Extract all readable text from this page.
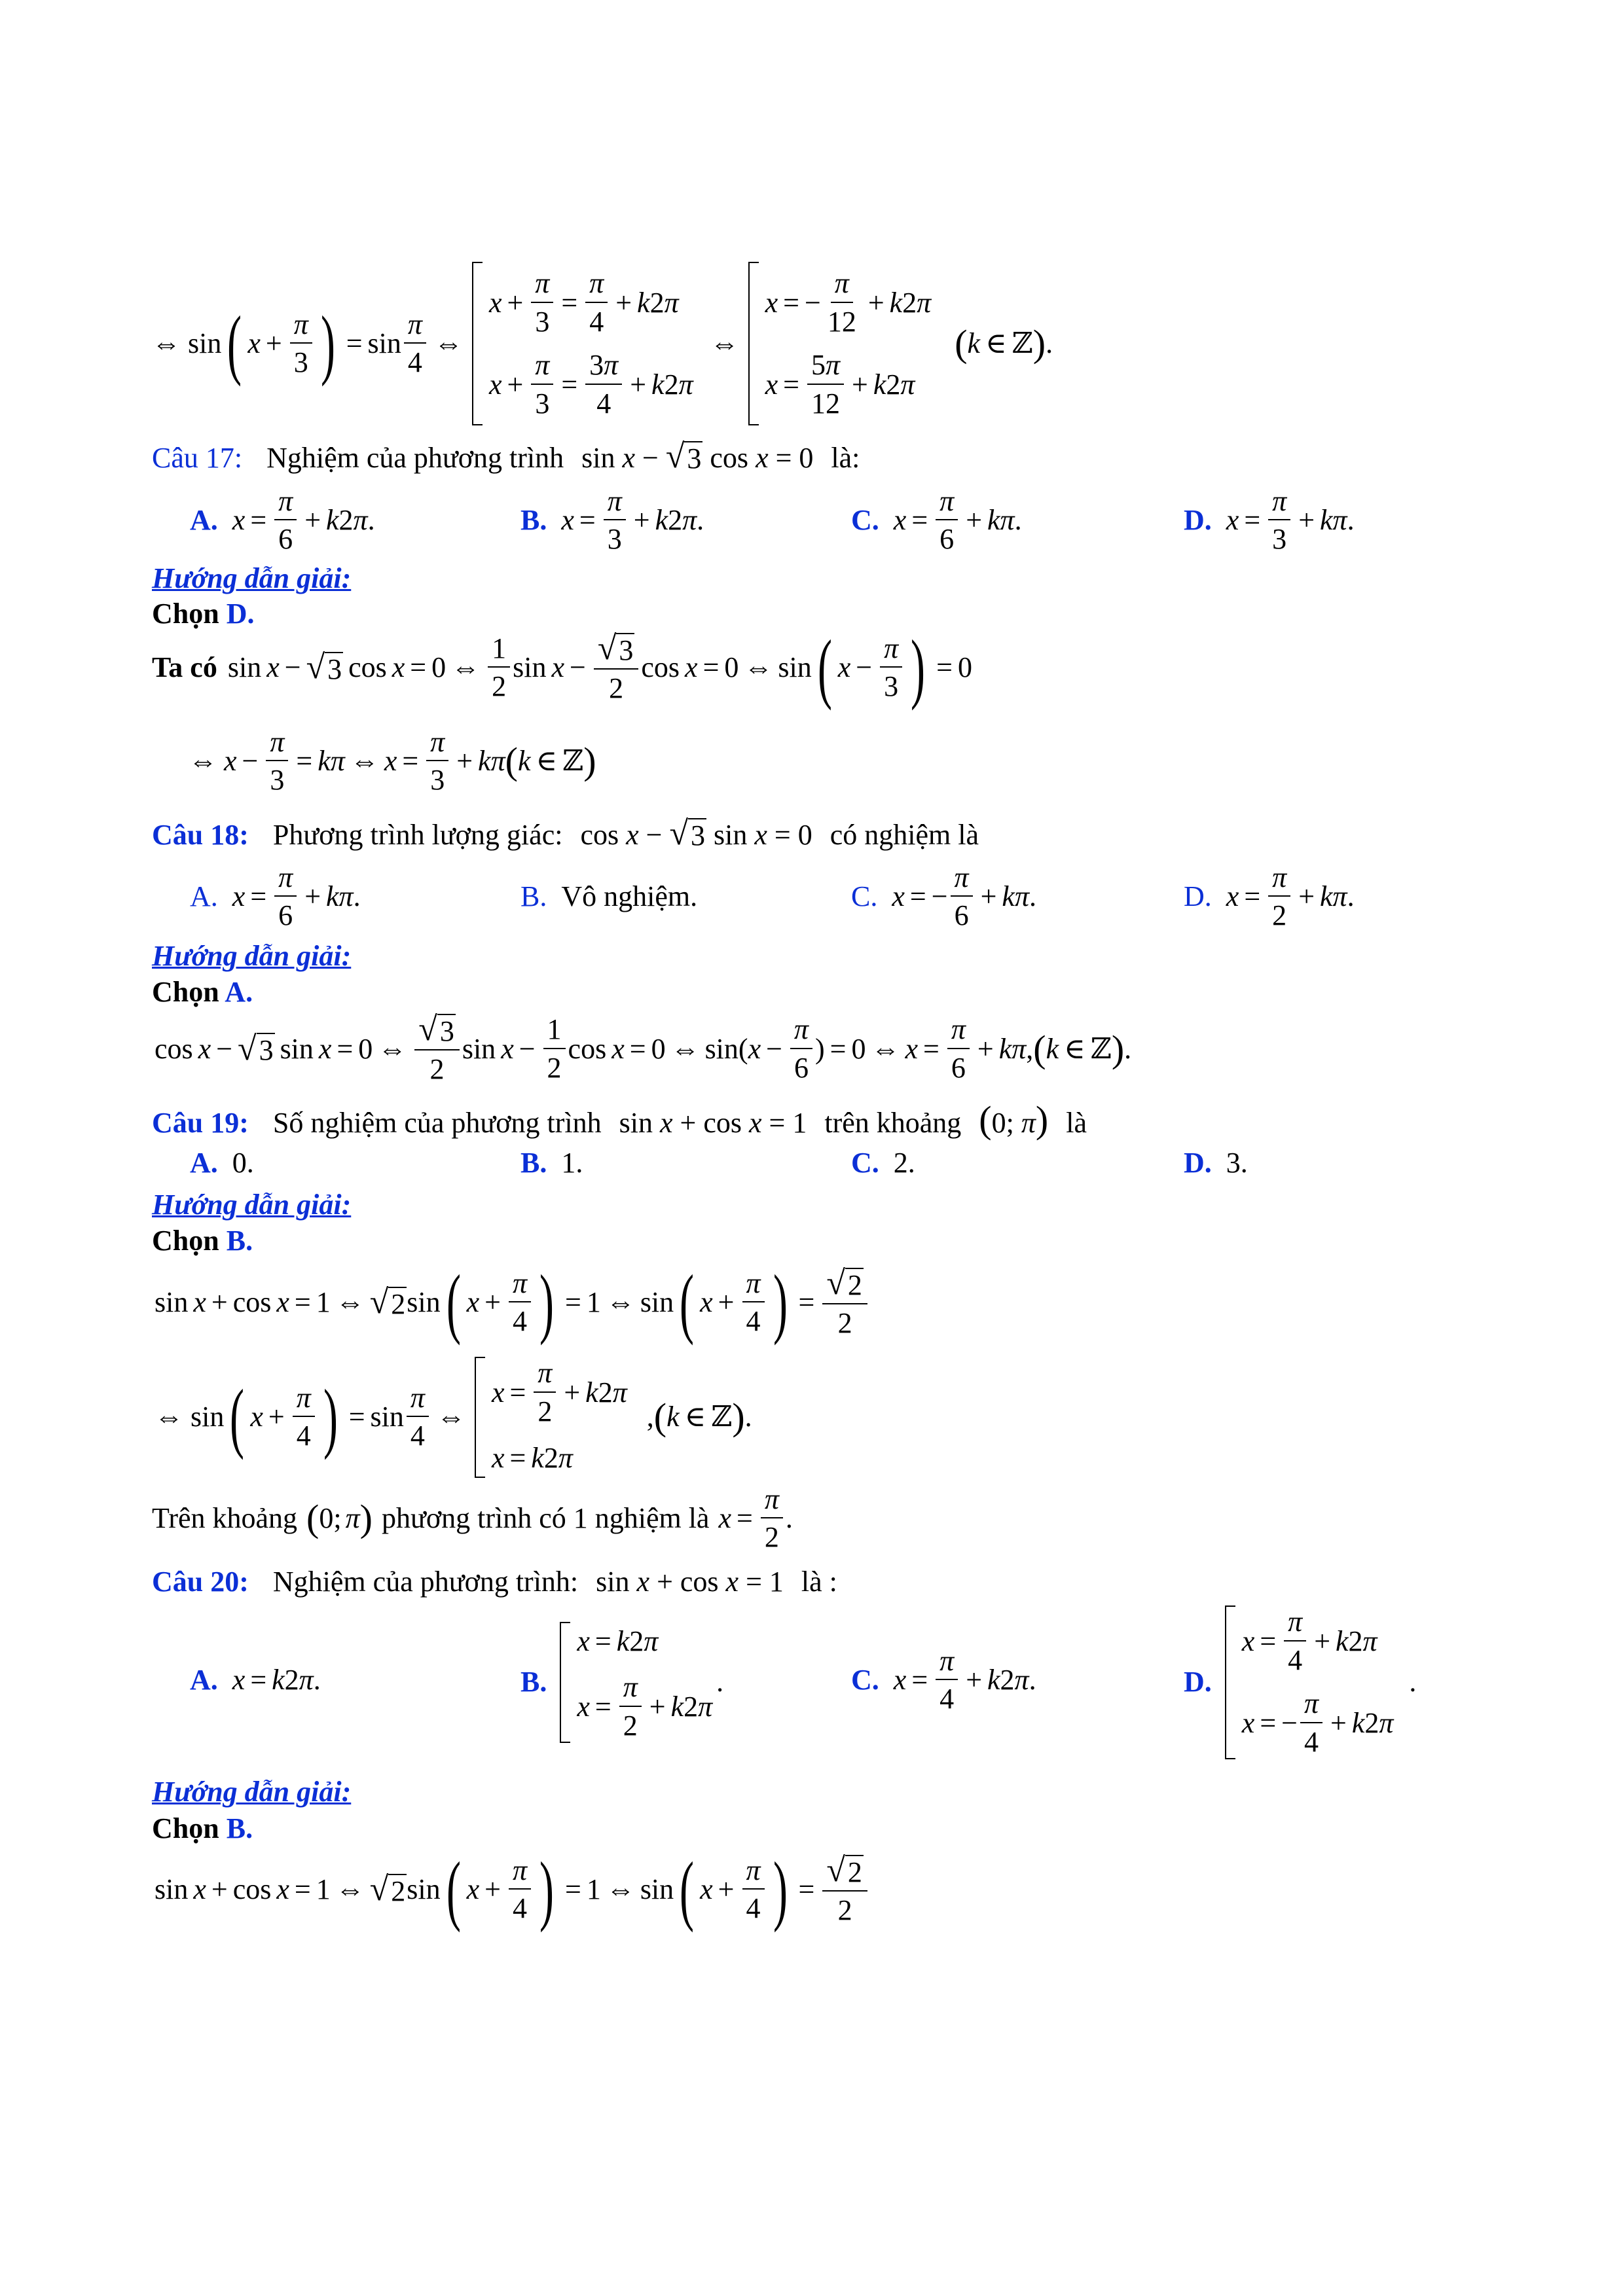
⇔ sin ( $x + \frac{\pi}{3}$ ) = $\sin \frac{\pi}{4}$ ⇔
$x + \frac{\pi}{3} = \frac{\pi}{4} + k$ 2 π
$x + \frac{\pi}{3} = \frac{3\pi}{4} + k$ 2 π
⇔
x = − $\frac{\pi}{12} + k$ 2 π
$x = \frac{5\pi}{12} + k$ 2 π
( k ∈ ℤ ) .
Câu 17: Nghiệm của phương trình sin x − √ 3 cos x = 0 là:
A. $x = \frac{\pi}{6} + k$ 2 π .	B. $x = \frac{\pi}{3} + k$ 2 π .	C. $x = \frac{\pi}{6} + k\pi$ .	D. $x = \frac{\pi}{3} + k\pi$ .
Hướng dẫn giải:
Chọn D.
Ta có sin x − √ 3 cos x = 0 ⇔ $\frac{1}{2}$ $\sin x - \frac{√ 3}{2}$ cos x = 0 ⇔ sin ( $x - \frac{\pi}{3}$ ) = 0
⇔ $x - \frac{\pi}{3} = k\pi$ ⇔ $x = \frac{\pi}{3} + k\pi$ ( k ∈ ℤ )
Câu 18: Phương trình lượng giác: cos x − √ 3 sin x = 0 có nghiệm là
A. $x = \frac{\pi}{6} + k\pi$ .	B. Vô nghiệm.	C. x = − $\frac{\pi}{6} + k\pi$ .	D. $x = \frac{\pi}{2} + k\pi$ .
Hướng dẫn giải:
Chọn A.
cos x − √ 3 sin x = 0 ⇔ $\frac{√ 3}{2}$ $\sin x - \frac{1}{2}$ cos x = 0 ⇔ sin( $x - \frac{\pi}{6}$ ) = 0 ⇔ $x = \frac{\pi}{6} + k\pi$ , ( k ∈ ℤ ) .
Câu 19: Số nghiệm của phương trình sin x + cos x = 1 trên khoảng (0; π) là
A. 0.	B. 1.	C. 2.	D. 3.
Hướng dẫn giải:
Chọn B.
sin x + cos x = 1 ⇔ √ 2 sin ( $x + \frac{\pi}{4}$ ) = 1 ⇔ sin ( $x + \frac{\pi}{4}$ ) = $\frac{√ 2}{2}$
⇔ sin ( $x + \frac{\pi}{4}$ ) = $\sin \frac{\pi}{4}$ ⇔
$x = \frac{\pi}{2} + k$ 2 π
x = k 2 π
, ( k ∈ ℤ ) .
Trên khoảng ( 0; π ) phương trình có 1 nghiệm là $x = \frac{\pi}{2}$ .
Câu 20: Nghiệm của phương trình: sin x + cos x = 1 là :
A. x = k 2 π .	B.
x = k 2 π
$x = \frac{\pi}{2} + k$ 2 π
.	C. $x = \frac{\pi}{4} + k$ 2 π .	D.
$x = \frac{\pi}{4} + k$ 2 π
x = − $\frac{\pi}{4} + k$ 2 π
.
Hướng dẫn giải:
Chọn B.
sin x + cos x = 1 ⇔ √ 2 sin ( $x + \frac{\pi}{4}$ ) = 1 ⇔ sin ( $x + \frac{\pi}{4}$ ) = $\frac{√ 2}{2}$
